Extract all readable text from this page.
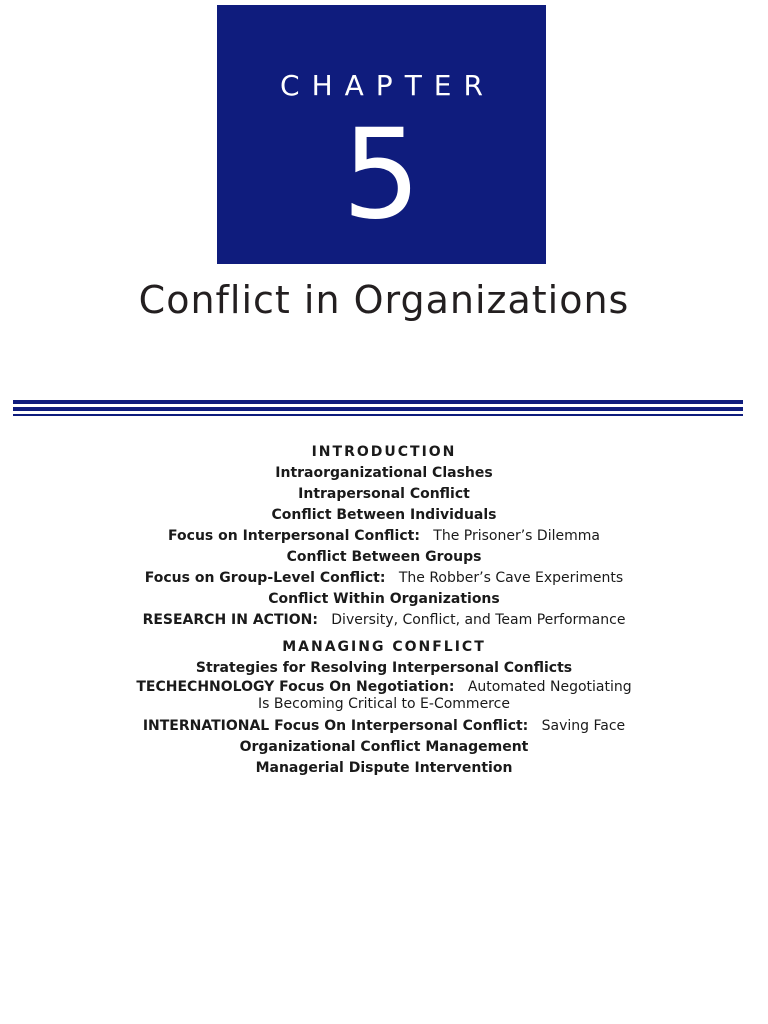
CHAPTER
5
Conflict in Organizations
INTRODUCTION
Intraorganizational Clashes
Intrapersonal Conflict
Conflict Between Individuals
Focus on Interpersonal Conflict: The Prisoner’s Dilemma
Conflict Between Groups
Focus on Group-Level Conflict: The Robber’s Cave Experiments
Conflict Within Organizations
RESEARCH IN ACTION: Diversity, Conflict, and Team Performance
MANAGING CONFLICT
Strategies for Resolving Interpersonal Conflicts
TECHECHNOLOGY Focus On Negotiation: Automated Negotiating
Is Becoming Critical to E-Commerce
INTERNATIONAL Focus On Interpersonal Conflict: Saving Face
Organizational Conflict Management
Managerial Dispute Intervention
